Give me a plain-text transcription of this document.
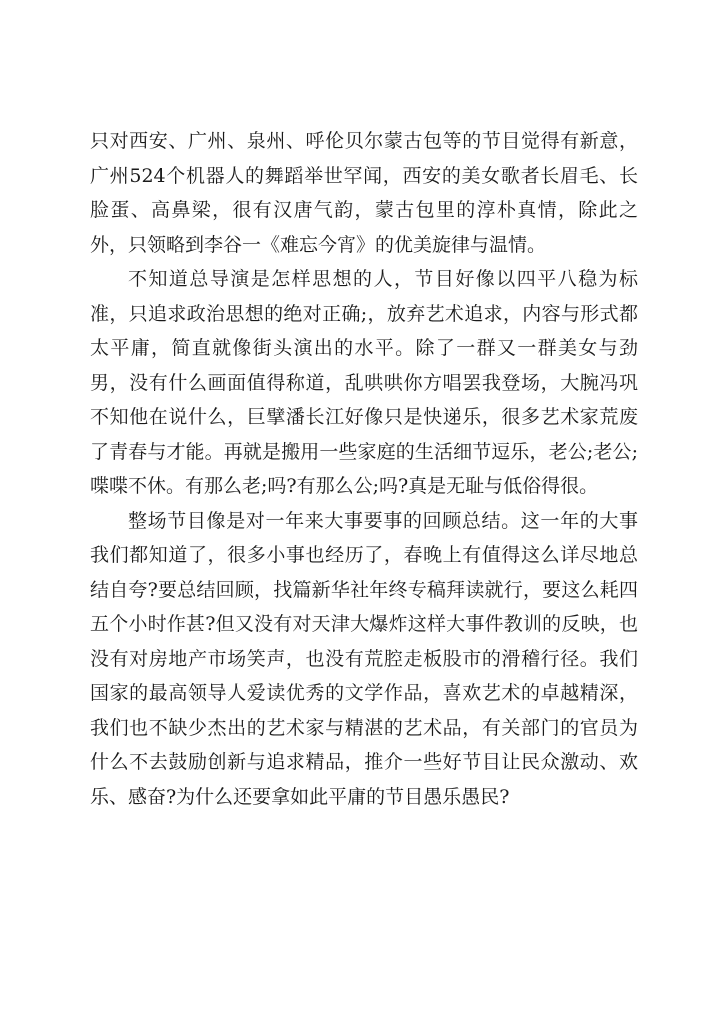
只对西安、广州、泉州、呼伦贝尔蒙古包等的节目觉得有新意，广州524个机器人的舞蹈举世罕闻，西安的美女歌者长眉毛、长脸蛋、高鼻梁，很有汉唐气韵，蒙古包里的淳朴真情，除此之外，只领略到李谷一《难忘今宵》的优美旋律与温情。

不知道总导演是怎样思想的人，节目好像以四平八稳为标准，只追求政治思想的绝对正确;，放弃艺术追求，内容与形式都太平庸，简直就像街头演出的水平。除了一群又一群美女与劲男，没有什么画面值得称道，乱哄哄你方唱罢我登场，大腕冯巩不知他在说什么，巨擘潘长江好像只是快递乐，很多艺术家荒废了青春与才能。再就是搬用一些家庭的生活细节逗乐，老公;老公;喋喋不休。有那么老;吗?有那么公;吗?真是无耻与低俗得很。

整场节目像是对一年来大事要事的回顾总结。这一年的大事我们都知道了，很多小事也经历了，春晚上有值得这么详尽地总结自夸?要总结回顾，找篇新华社年终专稿拜读就行，要这么耗四五个小时作甚?但又没有对天津大爆炸这样大事件教训的反映，也没有对房地产市场笑声，也没有荒腔走板股市的滑稽行径。我们国家的最高领导人爱读优秀的文学作品，喜欢艺术的卓越精深，我们也不缺少杰出的艺术家与精湛的艺术品，有关部门的官员为什么不去鼓励创新与追求精品，推介一些好节目让民众激动、欢乐、感奋?为什么还要拿如此平庸的节目愚乐愚民?
